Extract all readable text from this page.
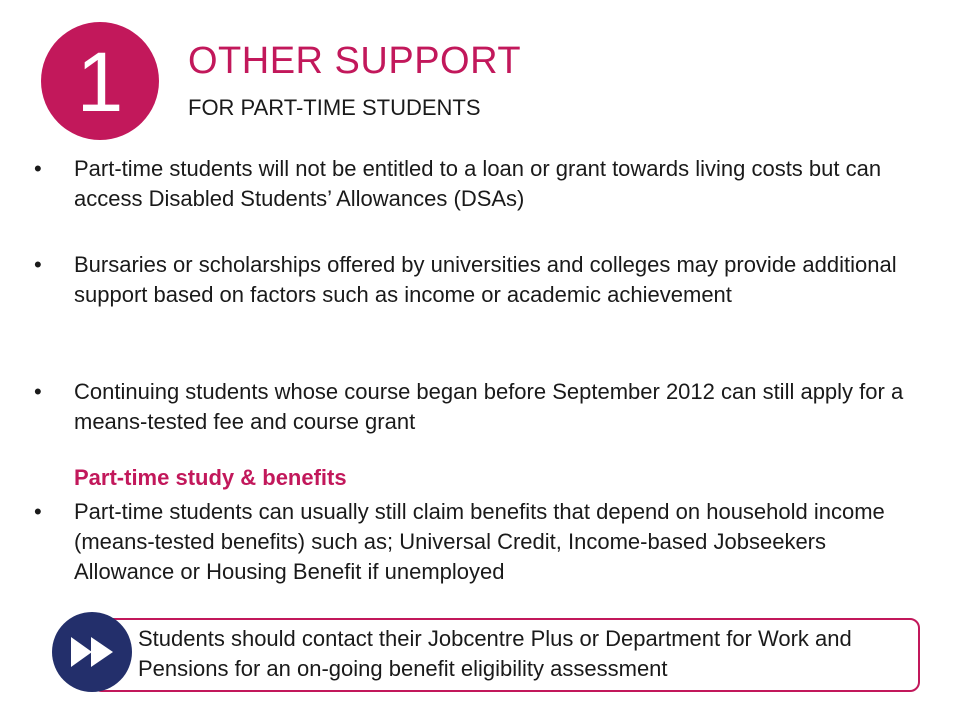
1 OTHER SUPPORT
FOR PART-TIME STUDENTS
•	Part-time students will not be entitled to a loan or grant towards living costs but can access Disabled Students’ Allowances (DSAs)
•	Bursaries or scholarships offered by universities and colleges may provide additional support based on factors such as income or academic achievement
•	Continuing students whose course began before September 2012 can still apply for a means-tested fee and course grant
Part-time study & benefits
•	Part-time students can usually still claim benefits that depend on household income (means-tested benefits) such as; Universal Credit, Income-based Jobseekers Allowance or Housing Benefit if unemployed
Students should contact their Jobcentre Plus or Department for Work and Pensions for an on-going benefit eligibility assessment
